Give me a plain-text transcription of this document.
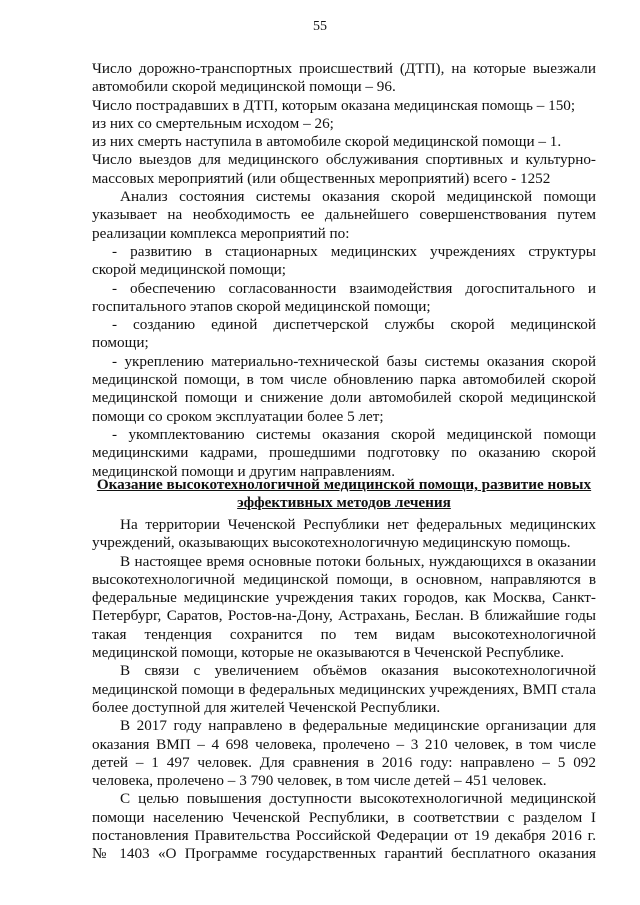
55
Число дорожно-транспортных происшествий (ДТП), на которые выезжали
автомобили скорой медицинской помощи – 96.
Число пострадавших в ДТП, которым оказана медицинская помощь – 150;
из них со смертельным исходом – 26;
из них смерть наступила в автомобиле скорой медицинской помощи – 1.
Число выездов для медицинского обслуживания спортивных и культурно-
массовых мероприятий (или общественных мероприятий) всего - 1252
Анализ состояния системы оказания скорой медицинской помощи
указывает на необходимость ее дальнейшего совершенствования путем
реализации комплекса мероприятий по:
- развитию в стационарных медицинских учреждениях структуры
скорой медицинской помощи;
- обеспечению согласованности взаимодействия догоспитального и
госпитального этапов скорой медицинской помощи;
- созданию единой диспетчерской службы скорой медицинской
помощи;
- укреплению материально-технической базы системы оказания скорой
медицинской помощи, в том числе обновлению парка автомобилей скорой
медицинской помощи и снижение доли автомобилей скорой медицинской
помощи со сроком эксплуатации более 5 лет;
- укомплектованию системы оказания скорой медицинской помощи
медицинскими кадрами, прошедшими подготовку по оказанию скорой
медицинской помощи и другим направлениям.
Оказание высокотехнологичной медицинской помощи, развитие новых
эффективных методов лечения
На территории Чеченской Республики нет федеральных медицинских
учреждений, оказывающих высокотехнологичную медицинскую помощь.
В настоящее время основные потоки больных, нуждающихся в оказании
высокотехнологичной медицинской помощи, в основном, направляются в
федеральные медицинские учреждения таких городов, как Москва, Санкт-
Петербург, Саратов, Ростов-на-Дону, Астрахань, Беслан. В ближайшие годы
такая тенденция сохранится по тем видам высокотехнологичной
медицинской помощи, которые не оказываются в Чеченской Республике.
В связи с увеличением объёмов оказания высокотехнологичной
медицинской помощи в федеральных медицинских учреждениях, ВМП стала
более доступной для жителей Чеченской Республики.
В 2017 году направлено в федеральные медицинские организации для
оказания ВМП – 4 698 человека, пролечено – 3 210 человек, в том числе
детей – 1 497 человек. Для сравнения в 2016 году: направлено – 5 092
человека, пролечено – 3 790 человек, в том числе детей – 451 человек.
С целью повышения доступности высокотехнологичной медицинской
помощи населению Чеченской Республики, в соответствии с разделом I
постановления Правительства Российской Федерации от 19 декабря 2016 г.
№ 1403 «О Программе государственных гарантий бесплатного оказания
